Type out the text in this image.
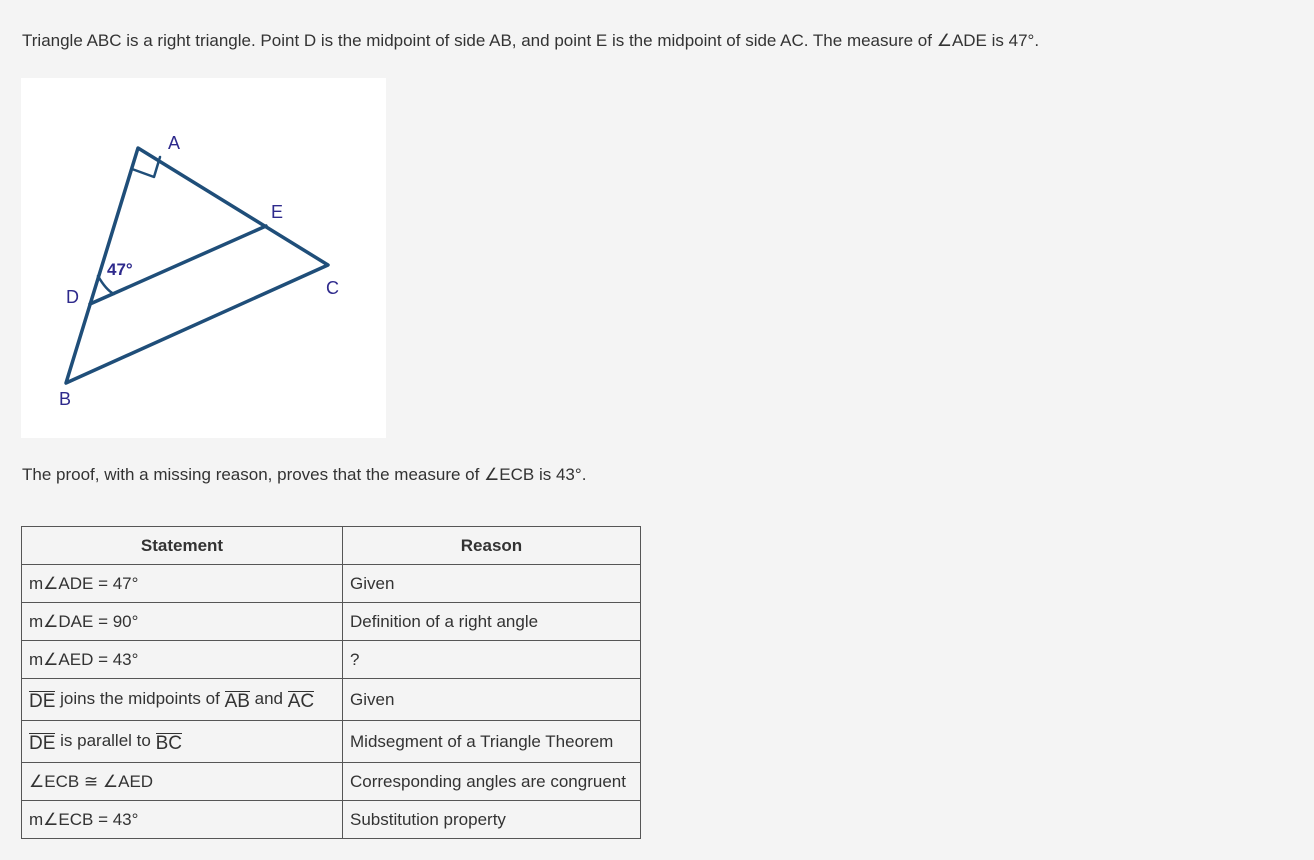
Triangle ABC is a right triangle. Point D is the midpoint of side AB, and point E is the midpoint of side AC. The measure of ∠ADE is 47°.

A
E
C
D
B
47°

The proof, with a missing reason, proves that the measure of ∠ECB is 43°.

Statement	Reason
m∠ADE = 47°	Given
m∠DAE = 90°	Definition of a right angle
m∠AED = 43°	?
DE joins the midpoints of AB and AC	Given
DE is parallel to BC	Midsegment of a Triangle Theorem
∠ECB ≅ ∠AED	Corresponding angles are congruent
m∠ECB = 43°	Substitution property
